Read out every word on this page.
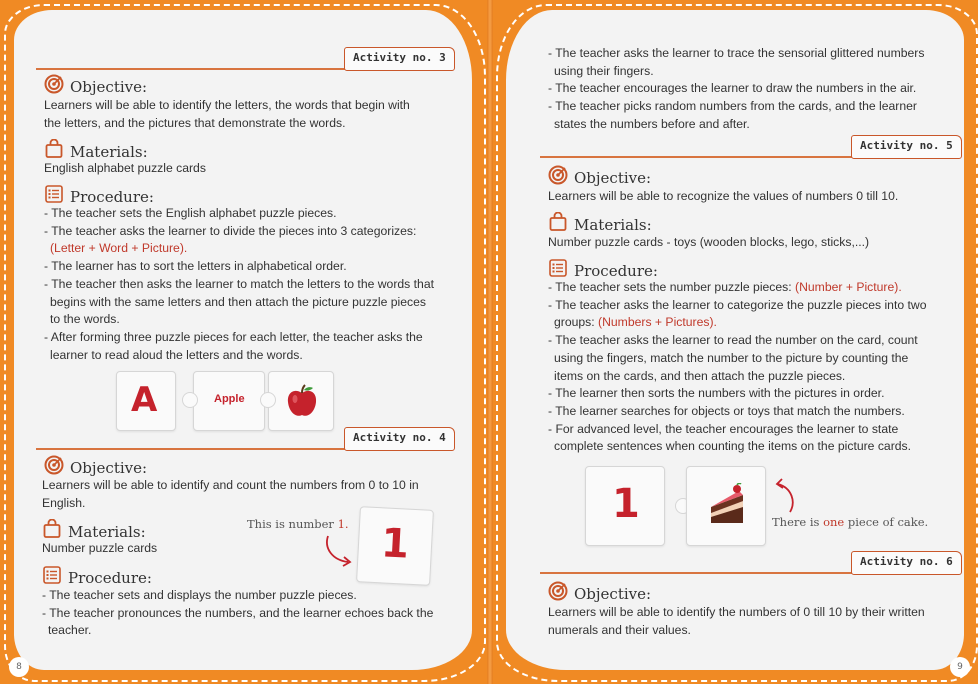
Activity no. 3
Objective:
Learners will be able to identify the letters, the words that begin with
the letters, and the pictures that demonstrate the words.
Materials:
English alphabet puzzle cards
Procedure:
- The teacher sets the English alphabet puzzle pieces.
- The teacher asks the learner to divide the pieces into 3 categorizes:
(Letter + Word + Picture).
- The learner has to sort the letters in alphabetical order.
- The teacher then asks the learner to match the letters to the words that
begins with the same letters and then attach the picture puzzle pieces
to the words.
- After forming three puzzle pieces for each letter, the teacher asks the
learner to read aloud the letters and the words.
A	Apple
Activity no. 4
Objective:
Learners will be able to identify and count the numbers from 0 to 10 in
English.
Materials:
Number puzzle cards
This is number 1. 1
Procedure:
- The teacher sets and displays the number puzzle pieces.
- The teacher pronounces the numbers, and the learner echoes back the
teacher.
8
- The teacher asks the learner to trace the sensorial glittered numbers
using their fingers.
- The teacher encourages the learner to draw the numbers in the air.
- The teacher picks random numbers from the cards, and the learner
states the numbers before and after.
Activity no. 5
Objective:
Learners will be able to recognize the values of numbers 0 till 10.
Materials:
Number puzzle cards - toys (wooden blocks, lego, sticks,...)
Procedure:
- The teacher sets the number puzzle pieces: (Number + Picture).
- The teacher asks the learner to categorize the puzzle pieces into two
groups: (Numbers + Pictures).
- The teacher asks the learner to read the number on the card, count
using the fingers, match the number to the picture by counting the
items on the cards, and then attach the puzzle pieces.
- The learner then sorts the numbers with the pictures in order.
- The learner searches for objects or toys that match the numbers.
- For advanced level, the teacher encourages the learner to state
complete sentences when counting the items on the picture cards.
1	There is one piece of cake.
Activity no. 6
Objective:
Learners will be able to identify the numbers of 0 till 10 by their written
numerals and their values.
9
